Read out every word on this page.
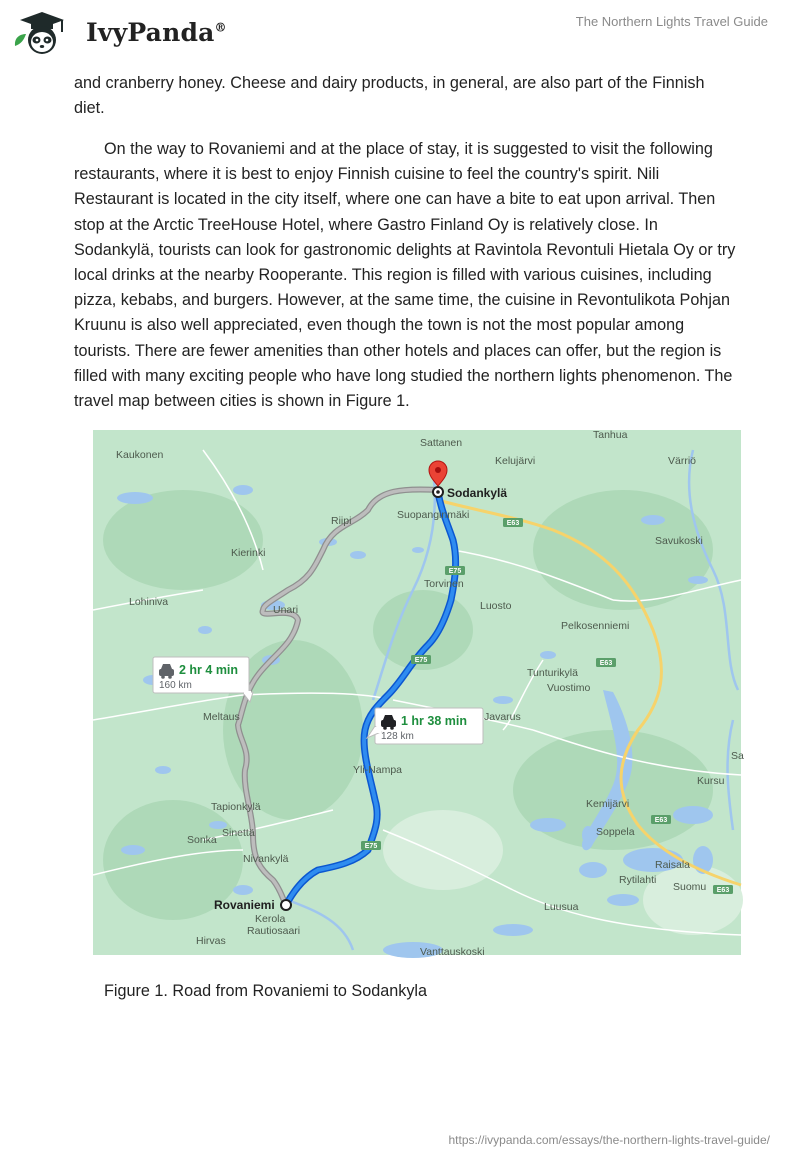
IvyPanda®	The Northern Lights Travel Guide

and cranberry honey. Cheese and dairy products, in general, are also part of the Finnish diet.

On the way to Rovaniemi and at the place of stay, it is suggested to visit the following restaurants, where it is best to enjoy Finnish cuisine to feel the country's spirit. Nili Restaurant is located in the city itself, where one can have a bite to eat upon arrival. Then stop at the Arctic TreeHouse Hotel, where Gastro Finland Oy is relatively close. In Sodankylä, tourists can look for gastronomic delights at Ravintola Revontuli Hietala Oy or try local drinks at the nearby Rooperante. This region is filled with various cuisines, including pizza, kebabs, and burgers. However, at the same time, the cuisine in Revontulikota Pohjan Kruunu is also well appreciated, even though the town is not the most popular among tourists. There are fewer amenities than other hotels and places can offer, but the region is filled with many exciting people who have long studied the northern lights phenomenon. The travel map between cities is shown in Figure 1.

E63
E75
E75	E63
E63
E75
E63
Sattanen
Tanhua
Kaukonen	Kelujärvi	Värriö
Riipi	Suopanginmäki
Kierinki
Savukoski
Torvinen
Lohiniva
Unari	Luosto
Pelkosenniemi
Tunturikylä
Vuostimo
Meltaus	Javarus
Yli-Nampa
Sa
Kursu
Kemijärvi
Tapionkylä
Soppela
Sinettä
Sonka
Nivankylä	Raisala
Rytilahti
Suomu
Kerola
Luusua
Hirvas
Rautiosaari
Vanttauskoski
Rovaniemi
Sodankylä
2 hr 4 min
160 km
1 hr 38 min
128 km
Figure 1. Road from Rovaniemi to Sodankyla
https://ivypanda.com/essays/the-northern-lights-travel-guide/
